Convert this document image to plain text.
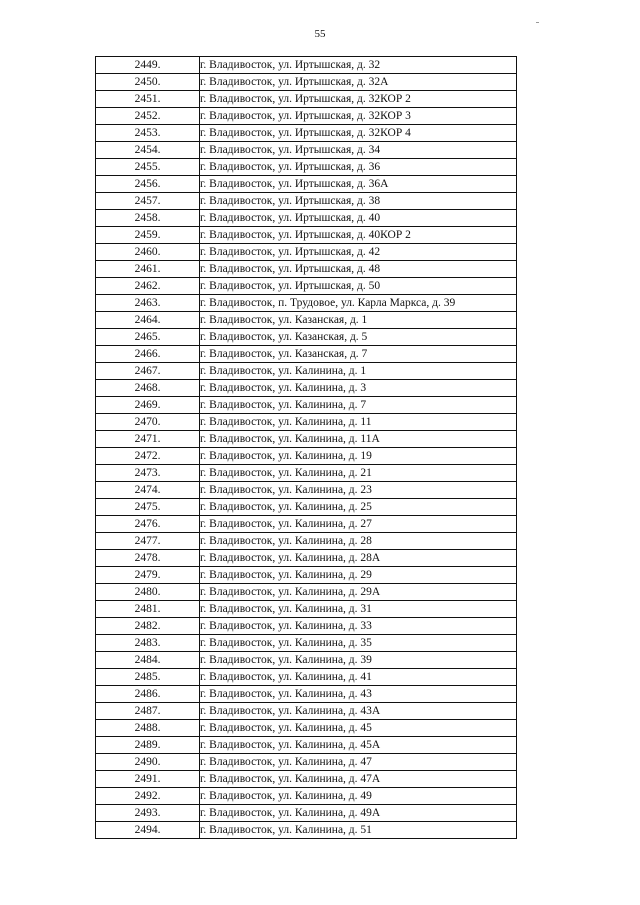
55
2449.	г. Владивосток, ул. Иртышская, д. 32
2450.	г. Владивосток, ул. Иртышская, д. 32А
2451.	г. Владивосток, ул. Иртышская, д. 32КОР 2
2452.	г. Владивосток, ул. Иртышская, д. 32КОР 3
2453.	г. Владивосток, ул. Иртышская, д. 32КОР 4
2454.	г. Владивосток, ул. Иртышская, д. 34
2455.	г. Владивосток, ул. Иртышская, д. 36
2456.	г. Владивосток, ул. Иртышская, д. 36А
2457.	г. Владивосток, ул. Иртышская, д. 38
2458.	г. Владивосток, ул. Иртышская, д. 40
2459.	г. Владивосток, ул. Иртышская, д. 40КОР 2
2460.	г. Владивосток, ул. Иртышская, д. 42
2461.	г. Владивосток, ул. Иртышская, д. 48
2462.	г. Владивосток, ул. Иртышская, д. 50
2463.	г. Владивосток, п. Трудовое, ул. Карла Маркса, д. 39
2464.	г. Владивосток, ул. Казанская, д. 1
2465.	г. Владивосток, ул. Казанская, д. 5
2466.	г. Владивосток, ул. Казанская, д. 7
2467.	г. Владивосток, ул. Калинина, д. 1
2468.	г. Владивосток, ул. Калинина, д. 3
2469.	г. Владивосток, ул. Калинина, д. 7
2470.	г. Владивосток, ул. Калинина, д. 11
2471.	г. Владивосток, ул. Калинина, д. 11А
2472.	г. Владивосток, ул. Калинина, д. 19
2473.	г. Владивосток, ул. Калинина, д. 21
2474.	г. Владивосток, ул. Калинина, д. 23
2475.	г. Владивосток, ул. Калинина, д. 25
2476.	г. Владивосток, ул. Калинина, д. 27
2477.	г. Владивосток, ул. Калинина, д. 28
2478.	г. Владивосток, ул. Калинина, д. 28А
2479.	г. Владивосток, ул. Калинина, д. 29
2480.	г. Владивосток, ул. Калинина, д. 29А
2481.	г. Владивосток, ул. Калинина, д. 31
2482.	г. Владивосток, ул. Калинина, д. 33
2483.	г. Владивосток, ул. Калинина, д. 35
2484.	г. Владивосток, ул. Калинина, д. 39
2485.	г. Владивосток, ул. Калинина, д. 41
2486.	г. Владивосток, ул. Калинина, д. 43
2487.	г. Владивосток, ул. Калинина, д. 43А
2488.	г. Владивосток, ул. Калинина, д. 45
2489.	г. Владивосток, ул. Калинина, д. 45А
2490.	г. Владивосток, ул. Калинина, д. 47
2491.	г. Владивосток, ул. Калинина, д. 47А
2492.	г. Владивосток, ул. Калинина, д. 49
2493.	г. Владивосток, ул. Калинина, д. 49А
2494.	г. Владивосток, ул. Калинина, д. 51
